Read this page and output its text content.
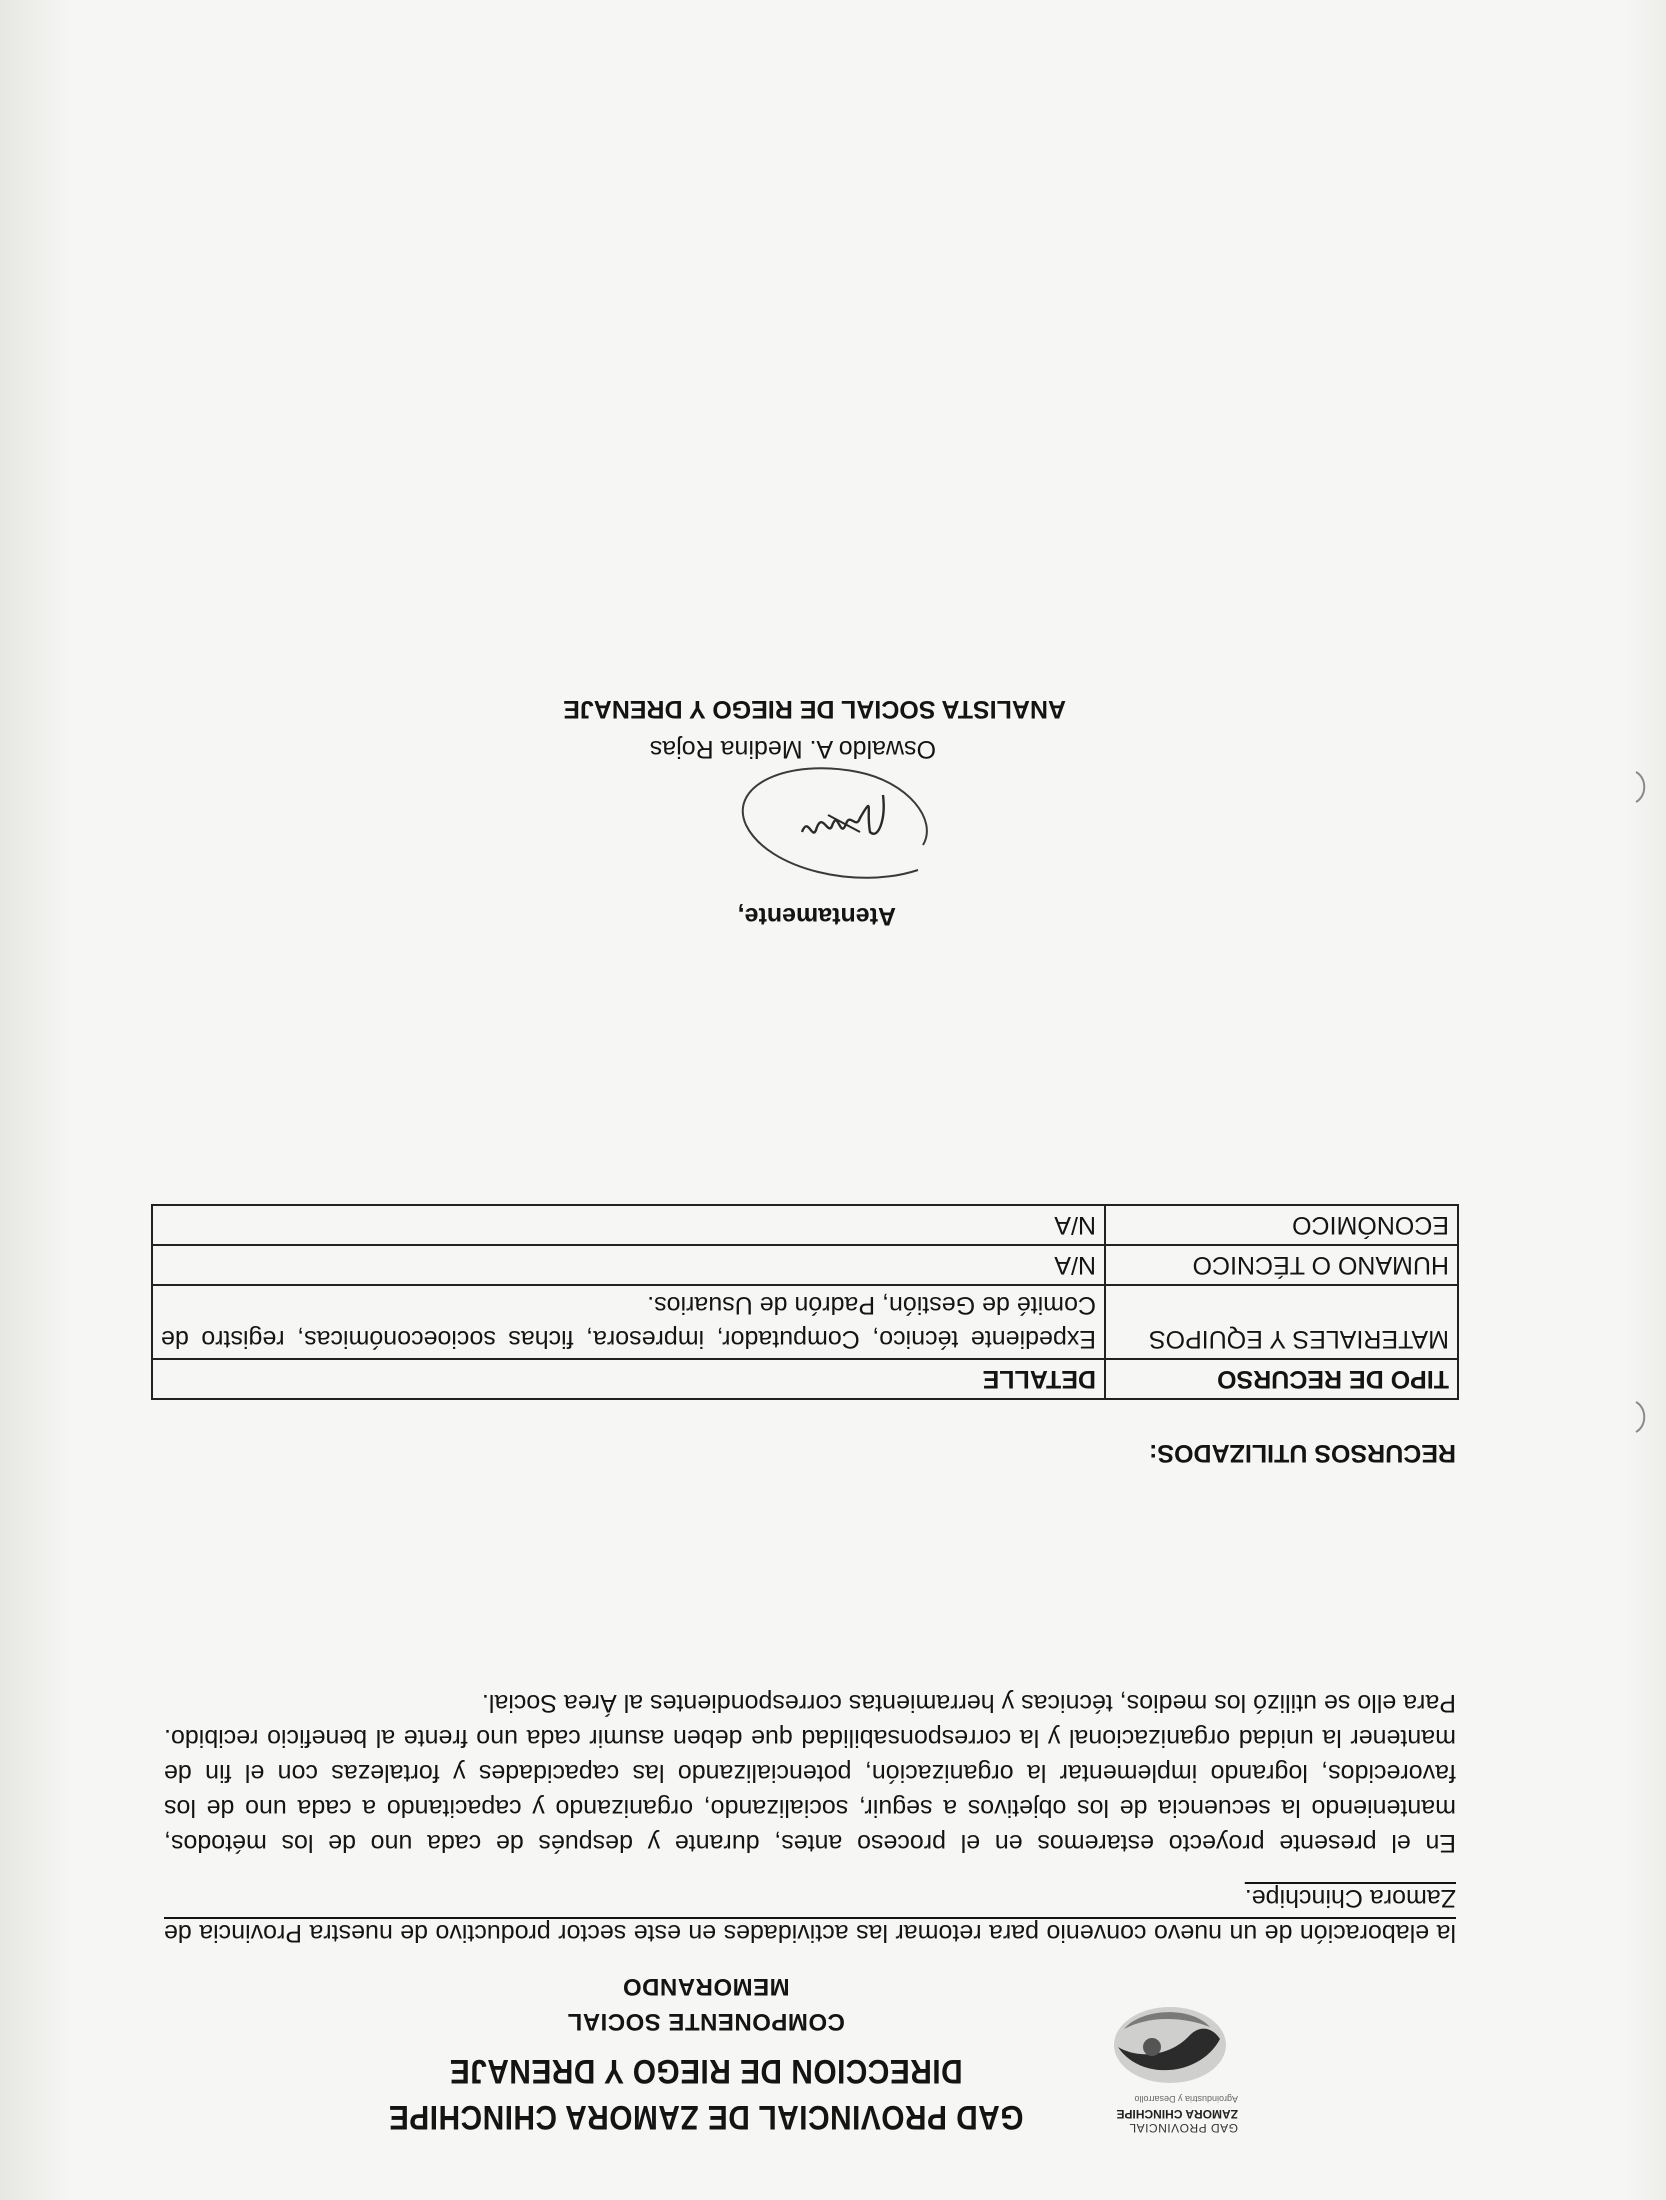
GAD PROVINCIAL
ZAMORA CHINCHIPE
Agroindustria y Desarrollo
GAD PROVINCIAL DE ZAMORA CHINCHIPE
DIRECCION DE RIEGO Y DRENAJE
COMPONENTE SOCIAL
MEMORANDO
la elaboración de un nuevo convenio para retomar las actividades en este sector productivo de nuestra Provincia de Zamora Chinchipe.
En el presente proyecto estaremos en el proceso antes, durante y después de cada uno de los métodos, manteniendo la secuencia de los objetivos a seguir, socializando, organizando y capacitando a cada uno de los favorecidos, logrando implementar la organización, potencializando las capacidades y fortalezas con el fin de mantener la unidad organizacional y la corresponsabilidad que deben asumir cada uno frente al beneficio recibido. Para ello se utilizó los medios, técnicas y herramientas correspondientes al Área Social.
RECURSOS UTILIZADOS:
TIPO DE RECURSO	DETALLE
MATERIALES Y EQUIPOS	Expediente técnico, Computador, impresora, fichas socioeconómicas, registro de Comité de Gestión, Padrón de Usuarios.
HUMANO O TÉCNICO	N/A
ECONÓMICO	N/A
Atentamente,
Oswaldo A. Medina Rojas
ANALISTA SOCIAL DE RIEGO Y DRENAJE
